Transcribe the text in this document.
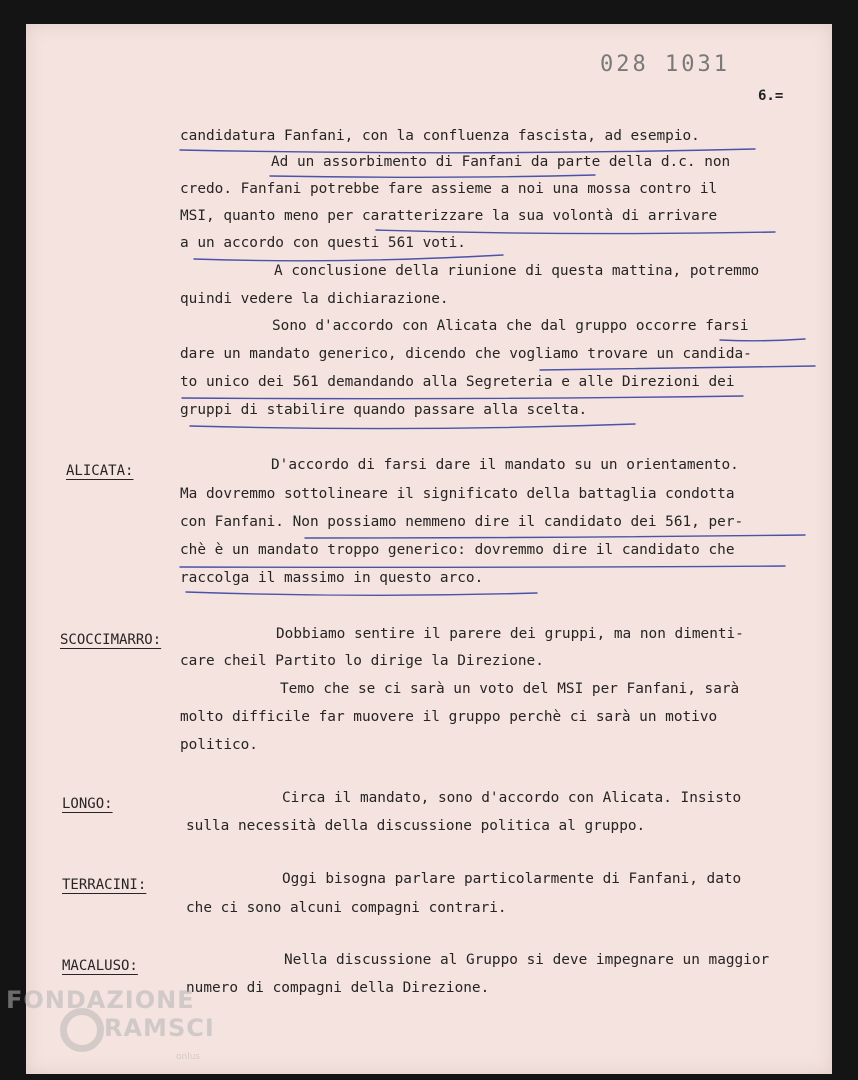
028 1031
6.=
candidatura Fanfani, con la confluenza fascista, ad esempio.
Ad un assorbimento di Fanfani da parte della d.c. non
credo. Fanfani potrebbe fare assieme a noi una mossa contro il
MSI, quanto meno per caratterizzare la sua volontà di arrivare
a un accordo con questi 561 voti.
A conclusione della riunione di questa mattina, potremmo
quindi vedere la dichiarazione.
Sono d'accordo con Alicata che dal gruppo occorre farsi
dare un mandato generico, dicendo che vogliamo trovare un candida-
to unico dei 561 demandando alla Segreteria e alle Direzioni dei
gruppi di stabilire quando passare alla scelta.
ALICATA:	D'accordo di farsi dare il mandato su un orientamento.
Ma dovremmo sottolineare il significato della battaglia condotta
con Fanfani. Non possiamo nemmeno dire il candidato dei 561, per-
chè è un mandato troppo generico: dovremmo dire il candidato che
raccolga il massimo in questo arco.
SCOCCIMARRO:	Dobbiamo sentire il parere dei gruppi, ma non dimenti-
care cheil Partito lo dirige la Direzione.
Temo che se ci sarà un voto del MSI per Fanfani, sarà
molto difficile far muovere il gruppo perchè ci sarà un motivo
politico.
LONGO:	Circa il mandato, sono d'accordo con Alicata. Insisto
sulla necessità della discussione politica al gruppo.
TERRACINI:	Oggi bisogna parlare particolarmente di Fanfani, dato
che ci sono alcuni compagni contrari.
MACALUSO:	Nella discussione al Gruppo si deve impegnare un maggior
numero di compagni della Direzione.
FONDAZIONE
RAMSCI
onlus
